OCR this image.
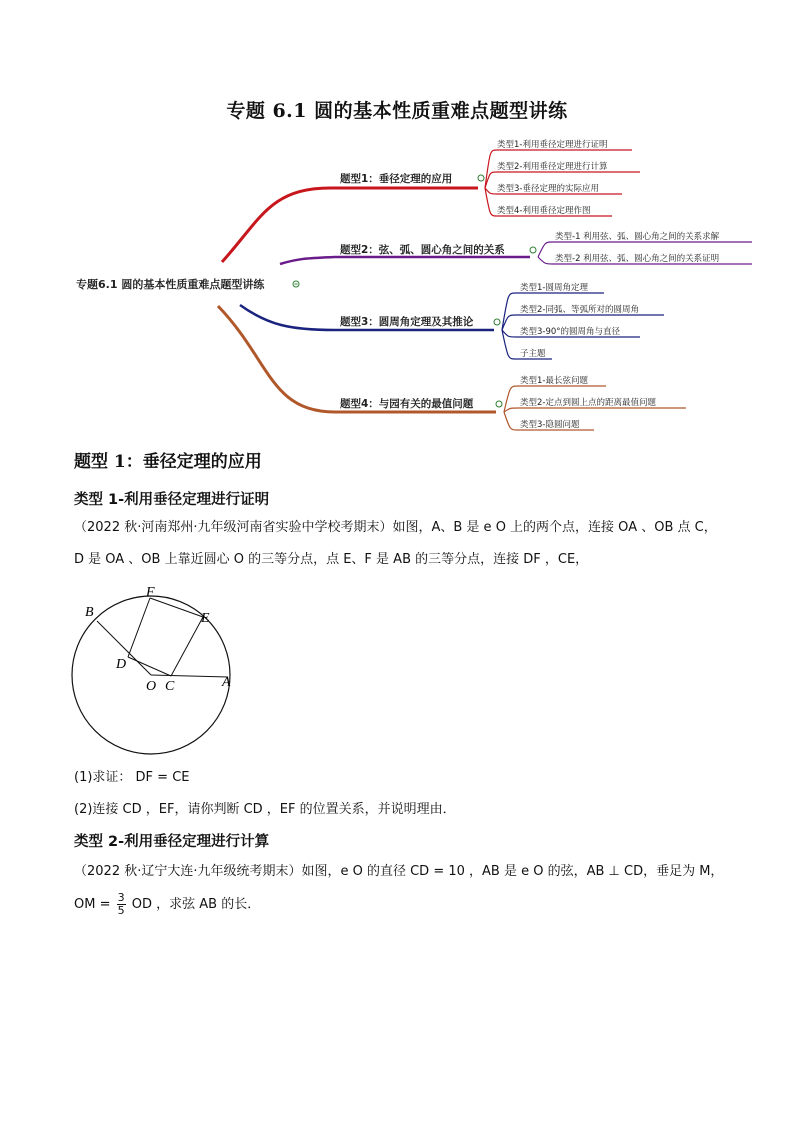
专题 6.1 圆的基本性质重难点题型讲练
专题6.1 圆的基本性质重难点题型讲练
题型1：垂径定理的应用
题型2：弦、弧、圆心角之间的关系
题型3：圆周角定理及其推论
题型4：与园有关的最值问题
类型1-利用垂径定理进行证明
类型2-利用垂径定理进行计算
类型3-垂径定理的实际应用
类型4-利用垂径定理作图
类型-1 利用弦、弧、圆心角之间的关系求解
类型-2 利用弦、弧、圆心角之间的关系证明
类型1-圆周角定理
类型2-同弧、等弧所对的圆周角
类型3-90°的圆周角与直径
子主题
类型1-最长弦问题
类型2-定点到圆上点的距离最值问题
类型3-隐圆问题
题型 1：垂径定理的应用
类型 1-利用垂径定理进行证明
（2022 秋·河南郑州·九年级河南省实验中学校考期末）如图，A、B 是 e O 上的两个点，连接 OA 、OB 点 C，
D 是 OA 、OB 上靠近圆心 O 的三等分点，点 E、F 是 AB 的三等分点，连接 DF ，CE，
B
F
E
D
O C	A
(1)求证： DF = CE
(2)连接 CD ，EF，请你判断 CD ，EF 的位置关系，并说明理由．
类型 2-利用垂径定理进行计算
（2022 秋·辽宁大连·九年级统考期末）如图，e O 的直径 CD = 10 ，AB 是 e O 的弦，AB ⊥ CD，垂足为 M，
OM = $\frac{3}{5}$ OD ，求弦 AB 的长．
